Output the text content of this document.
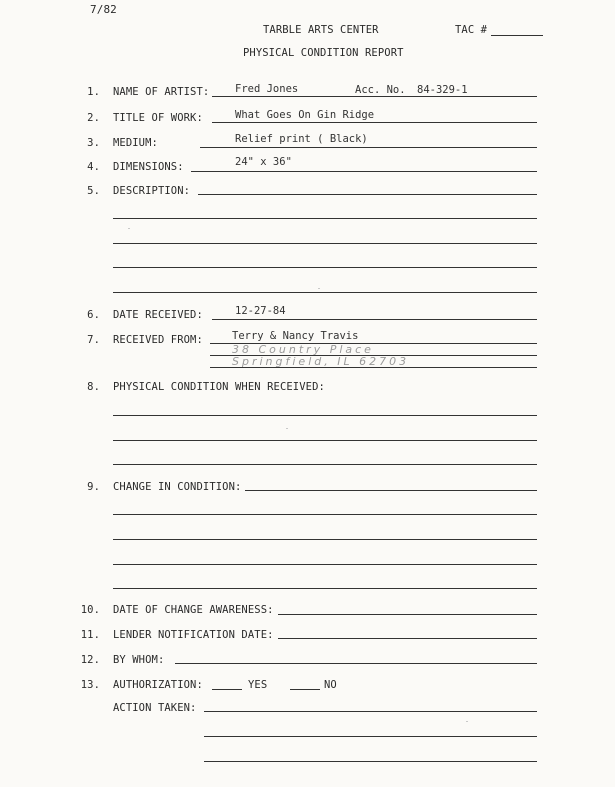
7/82
TARBLE ARTS CENTER	TAC #
PHYSICAL CONDITION REPORT
1. NAME OF ARTIST: Fred Jones	Acc. No. 84-329-1
2. TITLE OF WORK:	What Goes On Gin Ridge
3. MEDIUM:	Relief print ( Black)
4. DIMENSIONS:	24" x 36"
5. DESCRIPTION:
6. DATE RECEIVED:	12-27-84
7. RECEIVED FROM:	Terry & Nancy Travis
38 Country Place
Springfield, IL 62703
8. PHYSICAL CONDITION WHEN RECEIVED:
9. CHANGE IN CONDITION:
10. DATE OF CHANGE AWARENESS:
11. LENDER NOTIFICATION DATE:
12. BY WHOM:
13. AUTHORIZATION:	YES	NO
ACTION TAKEN:
